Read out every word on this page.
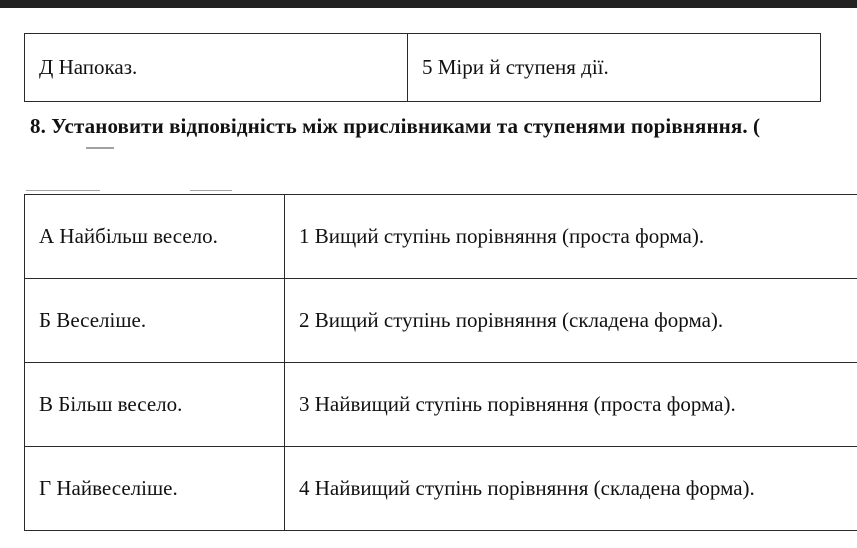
Д Напоказ.	5 Міри й ступеня дії.
8. Установити відповідність між прислівниками та ступенями порівняння. (
А Найбільш весело.	1 Вищий ступінь порівняння (проста форма).
Б Веселіше.	2 Вищий ступінь порівняння (складена форма).
В Більш весело.	3 Найвищий ступінь порівняння (проста форма).
Г Найвеселіше.	4 Найвищий ступінь порівняння (складена форма).
